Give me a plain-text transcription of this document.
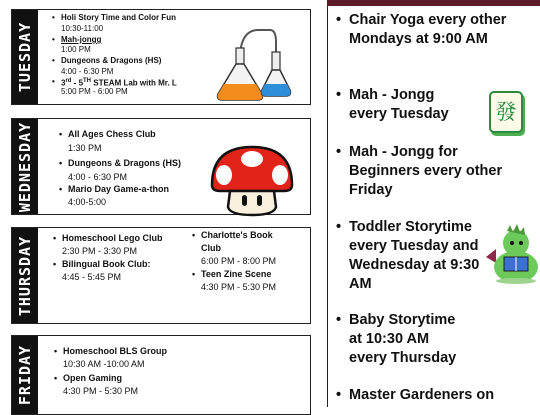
TUESDAY
• Holi Story Time and Color Fun
10:30-11:00
• Mah-jongg
1:00 PM
• Dungeons & Dragons (HS)
4:00 - 6:30 PM
• 3rd - 5TH STEAM Lab with Mr. L
5:00 PM - 6:00 PM
WEDNESDAY	• All Ages Chess Club
1:30 PM
• Dungeons & Dragons (HS)
4:00 - 6:30 PM
• Mario Day Game-a-thon
4:00-5:00
THURSDAY	• Homeschool Lego Club
2:30 PM - 3:30 PM
• Bilingual Book Club:
4:45 - 5:45 PM
• Charlotte's Book
Club
6:00 PM - 8:00 PM
• Teen Zine Scene
4:30 PM - 5:30 PM
FRIDAY	• Homeschool BLS Group
10:30 AM -10:00 AM
• Open Gaming
4:30 PM - 5:30 PM
• Chair Yoga every other Mondays at 9:00 AM
• Mah - Jongg every Tuesday
• Mah - Jongg for Beginners every other Friday
• Toddler Storytime every Tuesday and Wednesday at 9:30 AM
• Baby Storytime at 10:30 AM every Thursday
• Master Gardeners on
發
